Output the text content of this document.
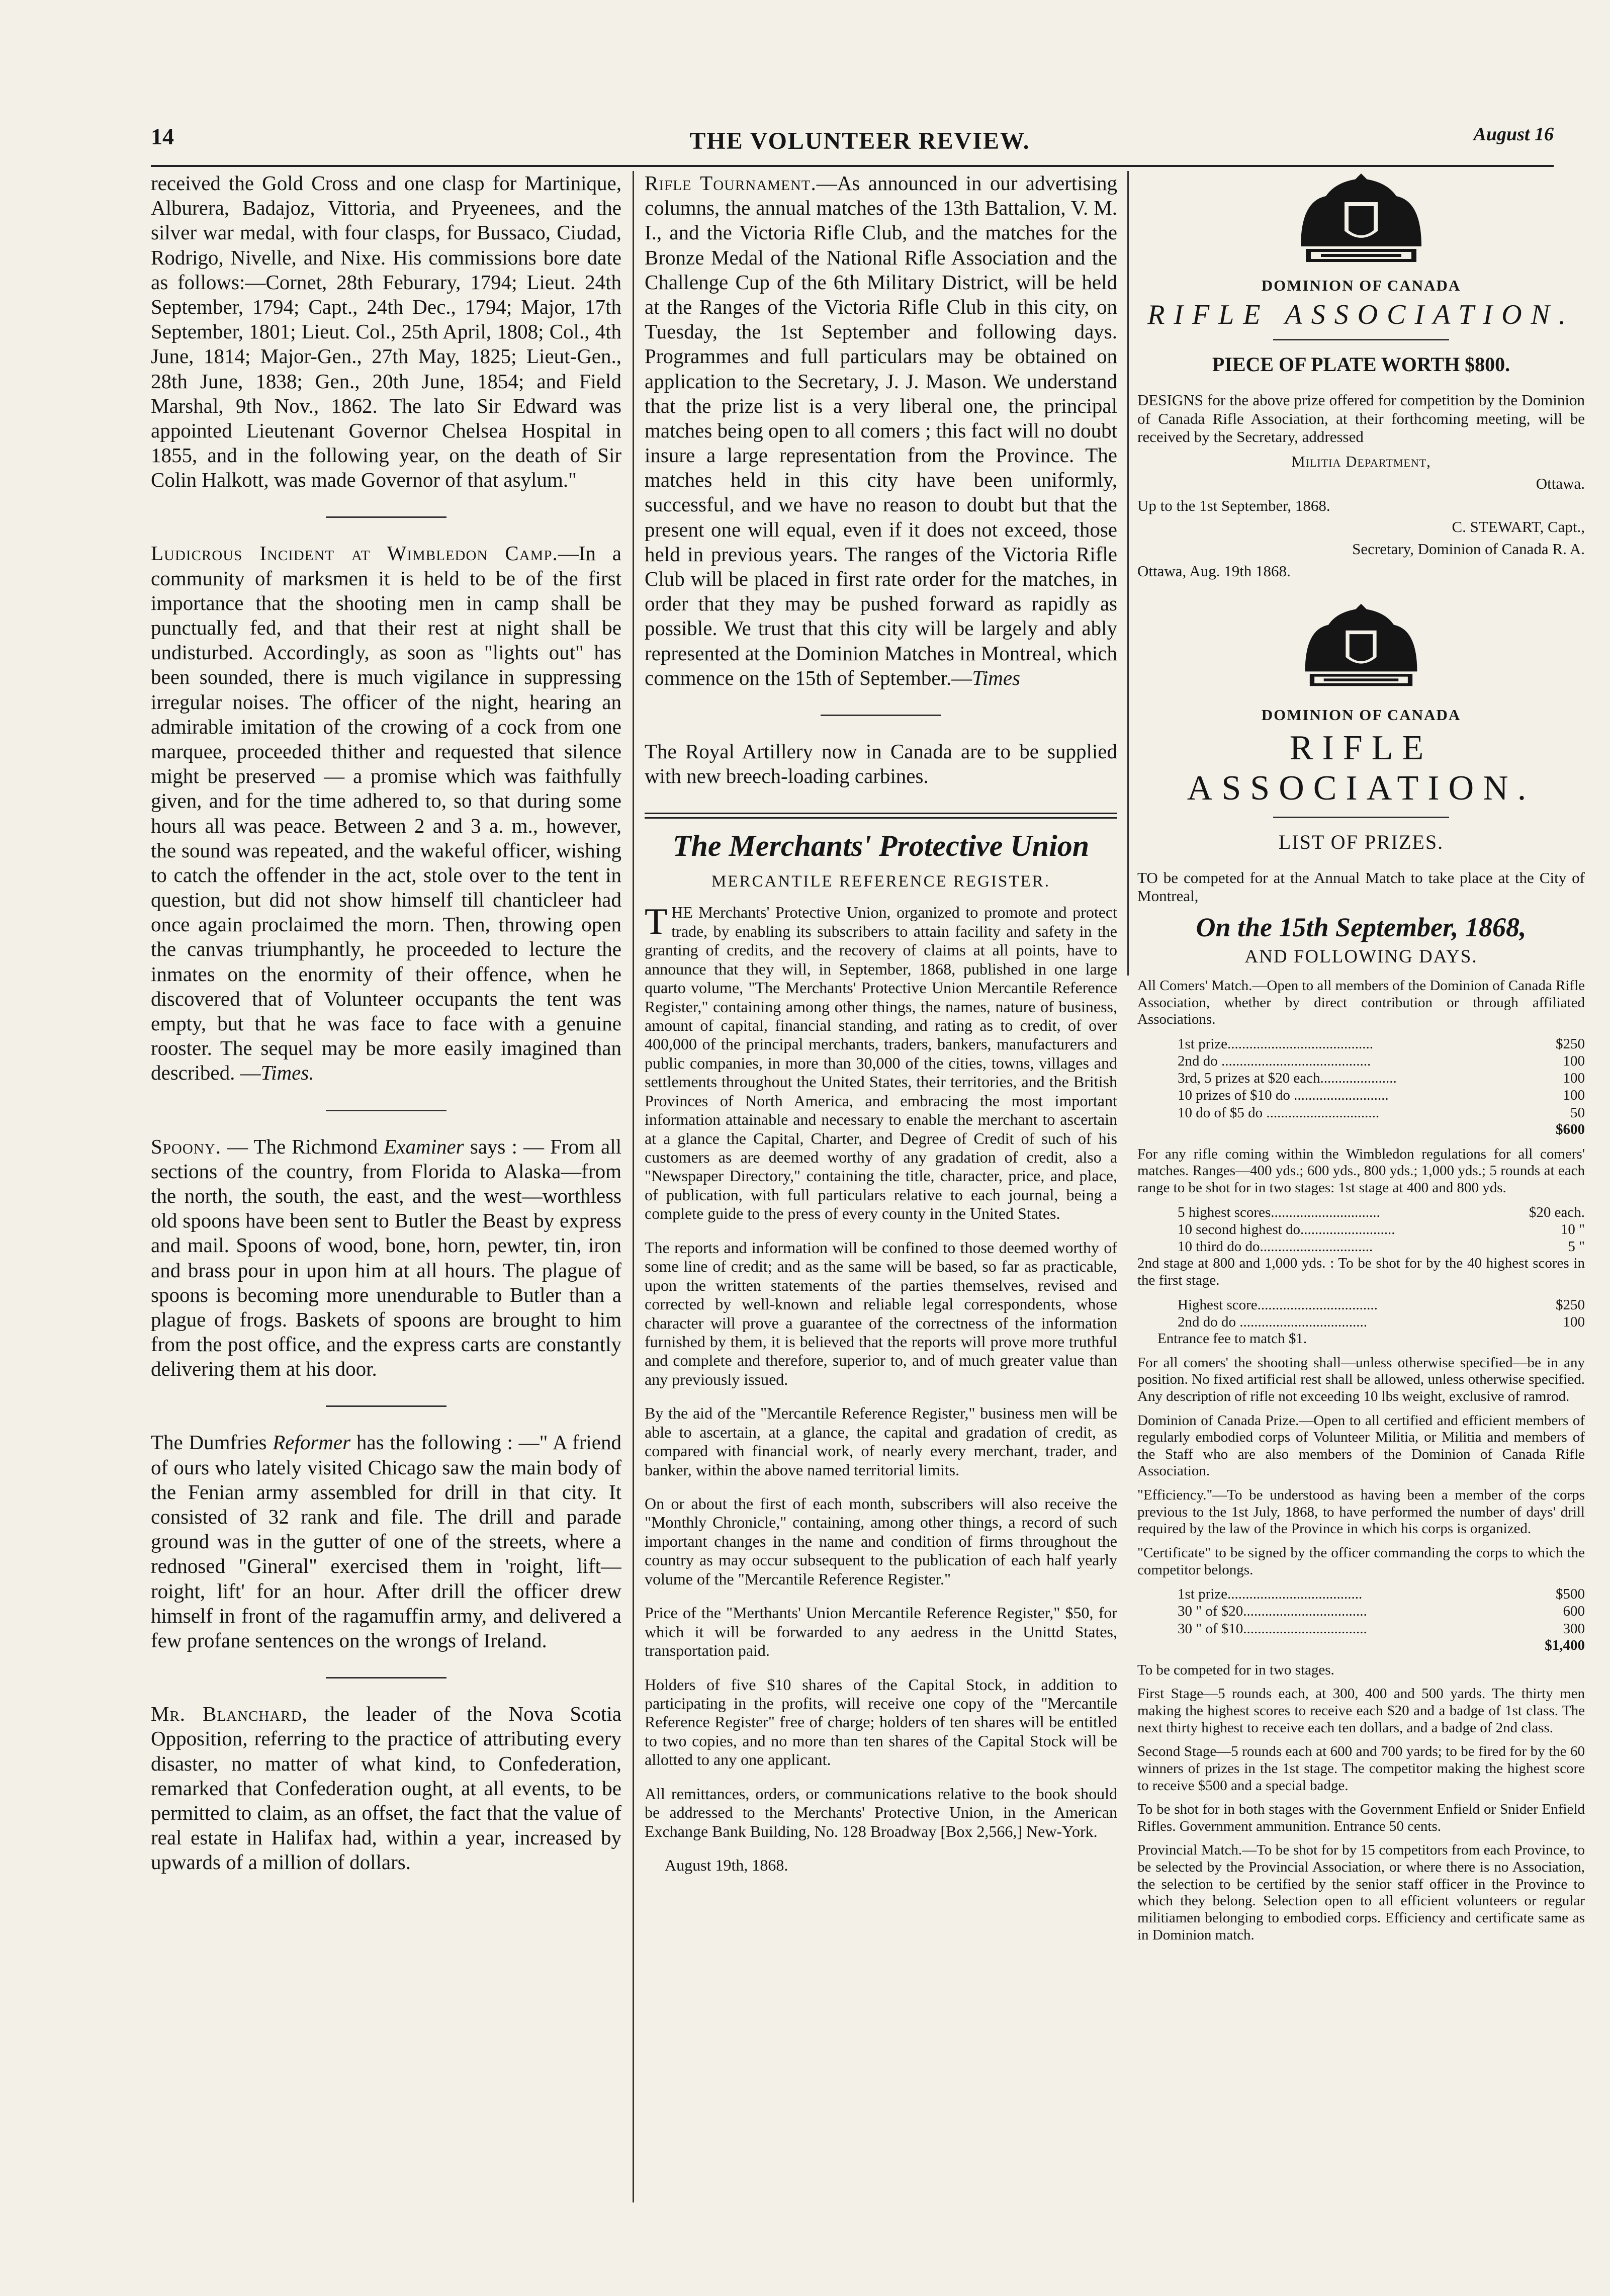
14	THE VOLUNTEER REVIEW.	August 16

received the Gold Cross and one clasp for Martinique, Alburera, Badajoz, Vittoria, and Pryeenees, and the silver war medal, with four clasps, for Bussaco, Ciudad, Rodrigo, Nivelle, and Nixe. His commissions bore date as follows:—Cornet, 28th Feburary, 1794; Lieut. 24th September, 1794; Capt., 24th Dec., 1794; Major, 17th September, 1801; Lieut. Col., 25th April, 1808; Col., 4th June, 1814; Major-Gen., 27th May, 1825; Lieut-Gen., 28th June, 1838; Gen., 20th June, 1854; and Field Marshal, 9th Nov., 1862. The lato Sir Edward was appointed Lieutenant Governor Chelsea Hospital in 1855, and in the following year, on the death of Sir Colin Halkott, was made Governor of that asylum."

Ludicrous Incident at Wimbledon Camp.—In a community of marksmen it is held to be of the first importance that the shooting men in camp shall be punctually fed, and that their rest at night shall be undisturbed. Accordingly, as soon as "lights out" has been sounded, there is much vigilance in suppressing irregular noises. The officer of the night, hearing an admirable imitation of the crowing of a cock from one marquee, proceeded thither and requested that silence might be preserved — a promise which was faithfully given, and for the time adhered to, so that during some hours all was peace. Between 2 and 3 a. m., however, the sound was repeated, and the wakeful officer, wishing to catch the offender in the act, stole over to the tent in question, but did not show himself till chanticleer had once again proclaimed the morn. Then, throwing open the canvas triumphantly, he proceeded to lecture the inmates on the enormity of their offence, when he discovered that of Volunteer occupants the tent was empty, but that he was face to face with a genuine rooster. The sequel may be more easily imagined than described. —Times.

Spoony. — The Richmond Examiner says : — From all sections of the country, from Florida to Alaska—from the north, the south, the east, and the west—worthless old spoons have been sent to Butler the Beast by express and mail. Spoons of wood, bone, horn, pewter, tin, iron and brass pour in upon him at all hours. The plague of spoons is becoming more unendurable to Butler than a plague of frogs. Baskets of spoons are brought to him from the post office, and the express carts are constantly delivering them at his door.

The Dumfries Reformer has the following : —" A friend of ours who lately visited Chicago saw the main body of the Fenian army assembled for drill in that city. It consisted of 32 rank and file. The drill and parade ground was in the gutter of one of the streets, where a rednosed "Gineral" exercised them in 'roight, lift—roight, lift' for an hour. After drill the officer drew himself in front of the ragamuffin army, and delivered a few profane sentences on the wrongs of Ireland.

Mr. Blanchard, the leader of the Nova Scotia Opposition, referring to the practice of attributing every disaster, no matter of what kind, to Confederation, remarked that Confederation ought, at all events, to be permitted to claim, as an offset, the fact that the value of real estate in Halifax had, within a year, increased by upwards of a million of dollars.

Rifle Tournament.—As announced in our advertising columns, the annual matches of the 13th Battalion, V. M. I., and the Victoria Rifle Club, and the matches for the Bronze Medal of the National Rifle Association and the Challenge Cup of the 6th Military District, will be held at the Ranges of the Victoria Rifle Club in this city, on Tuesday, the 1st September and following days. Programmes and full particulars may be obtained on application to the Secretary, J. J. Mason. We understand that the prize list is a very liberal one, the principal matches being open to all comers ; this fact will no doubt insure a large representation from the Province. The matches held in this city have been uniformly, successful, and we have no reason to doubt but that the present one will equal, even if it does not exceed, those held in previous years. The ranges of the Victoria Rifle Club will be placed in first rate order for the matches, in order that they may be pushed forward as rapidly as possible. We trust that this city will be largely and ably represented at the Dominion Matches in Montreal, which commence on the 15th of September.—Times

The Royal Artillery now in Canada are to be supplied with new breech-loading carbines.

The Merchants' Protective Union
MERCANTILE REFERENCE REGISTER.

THE Merchants' Protective Union, organized to promote and protect trade, by enabling its subscribers to attain facility and safety in the granting of credits, and the recovery of claims at all points, have to announce that they will, in September, 1868, published in one large quarto volume, "The Merchants' Protective Union Mercantile Reference Register," containing among other things, the names, nature of business, amount of capital, financial standing, and rating as to credit, of over 400,000 of the principal merchants, traders, bankers, manufacturers and public companies, in more than 30,000 of the cities, towns, villages and settlements throughout the United States, their territories, and the British Provinces of North America, and embracing the most important information attainable and necessary to enable the merchant to ascertain at a glance the Capital, Charter, and Degree of Credit of such of his customers as are deemed worthy of any gradation of credit, also a "Newspaper Directory," containing the title, character, price, and place, of publication, with full particulars relative to each journal, being a complete guide to the press of every county in the United States.

The reports and information will be confined to those deemed worthy of some line of credit; and as the same will be based, so far as practicable, upon the written statements of the parties themselves, revised and corrected by well-known and reliable legal correspondents, whose character will prove a guarantee of the correctness of the information furnished by them, it is believed that the reports will prove more truthful and complete and therefore, superior to, and of much greater value than any previously issued.

By the aid of the "Mercantile Reference Register," business men will be able to ascertain, at a glance, the capital and gradation of credit, as compared with financial work, of nearly every merchant, trader, and banker, within the above named territorial limits.

On or about the first of each month, subscribers will also receive the "Monthly Chronicle," containing, among other things, a record of such important changes in the name and condition of firms throughout the country as may occur subsequent to the publication of each half yearly volume of the "Mercantile Reference Register."

Price of the "Merthants' Union Mercantile Reference Register," $50, for which it will be forwarded to any aedress in the Unittd States, transportation paid.

Holders of five $10 shares of the Capital Stock, in addition to participating in the profits, will receive one copy of the "Mercantile Reference Register" free of charge; holders of ten shares will be entitled to two copies, and no more than ten shares of the Capital Stock will be allotted to any one applicant.

All remittances, orders, or communications relative to the book should be addressed to the Merchants' Protective Union, in the American Exchange Bank Building, No. 128 Broadway [Box 2,566,] New-York.

August 19th, 1868.

DOMINION OF CANADA
RIFLE ASSOCIATION.
PIECE OF PLATE WORTH $800.

DESIGNS for the above prize offered for competition by the Dominion of Canada Rifle Association, at their forthcoming meeting, will be received by the Secretary, addressed

Militia Department,
Ottawa.
Up to the 1st September, 1868.
C. STEWART, Capt.,
Secretary, Dominion of Canada R. A.
Ottawa, Aug. 19th 1868.
DOMINION OF CANADA
RIFLE ASSOCIATION.
LIST OF PRIZES.

TO be competed for at the Annual Match to take place at the City of Montreal,

On the 15th September, 1868,
AND FOLLOWING DAYS.

All Comers' Match.—Open to all members of the Dominion of Canada Rifle Association, whether by direct contribution or through affiliated Associations.

1st prize........................................	$250
2nd do .........................................	100
3rd, 5 prizes at $20 each.....................	100
10 prizes of $10 do ..........................	100
10 do of $5 do ...............................	50
$600

For any rifle coming within the Wimbledon regulations for all comers' matches. Ranges—400 yds.; 600 yds., 800 yds.; 1,000 yds.; 5 rounds at each range to be shot for in two stages: 1st stage at 400 and 800 yds.

5 highest scores..............................	$20 each.
10 second highest do..........................	10 "
10 third do do...............................	5 "

2nd stage at 800 and 1,000 yds. : To be shot for by the 40 highest scores in the first stage.

Highest score.................................	$250
2nd do do ...................................	100

Entrance fee to match $1.

For all comers' the shooting shall—unless otherwise specified—be in any position. No fixed artificial rest shall be allowed, unless otherwise specified. Any description of rifle not exceeding 10 lbs weight, exclusive of ramrod.

Dominion of Canada Prize.—Open to all certified and efficient members of regularly embodied corps of Volunteer Militia, or Militia and members of the Staff who are also members of the Dominion of Canada Rifle Association.

"Efficiency."—To be understood as having been a member of the corps previous to the 1st July, 1868, to have performed the number of days' drill required by the law of the Province in which his corps is organized.

"Certificate" to be signed by the officer commanding the corps to which the competitor belongs.

1st prize.....................................	$500
30 " of $20..................................	600
30 " of $10..................................	300
$1,400

To be competed for in two stages.

First Stage—5 rounds each, at 300, 400 and 500 yards. The thirty men making the highest scores to receive each $20 and a badge of 1st class. The next thirty highest to receive each ten dollars, and a badge of 2nd class.

Second Stage—5 rounds each at 600 and 700 yards; to be fired for by the 60 winners of prizes in the 1st stage. The competitor making the highest score to receive $500 and a special badge.

To be shot for in both stages with the Government Enfield or Snider Enfield Rifles. Government ammunition. Entrance 50 cents.

Provincial Match.—To be shot for by 15 competitors from each Province, to be selected by the Provincial Association, or where there is no Association, the selection to be certified by the senior staff officer in the Province to which they belong. Selection open to all efficient volunteers or regular militiamen belonging to embodied corps. Efficiency and certificate same as in Dominion match.
